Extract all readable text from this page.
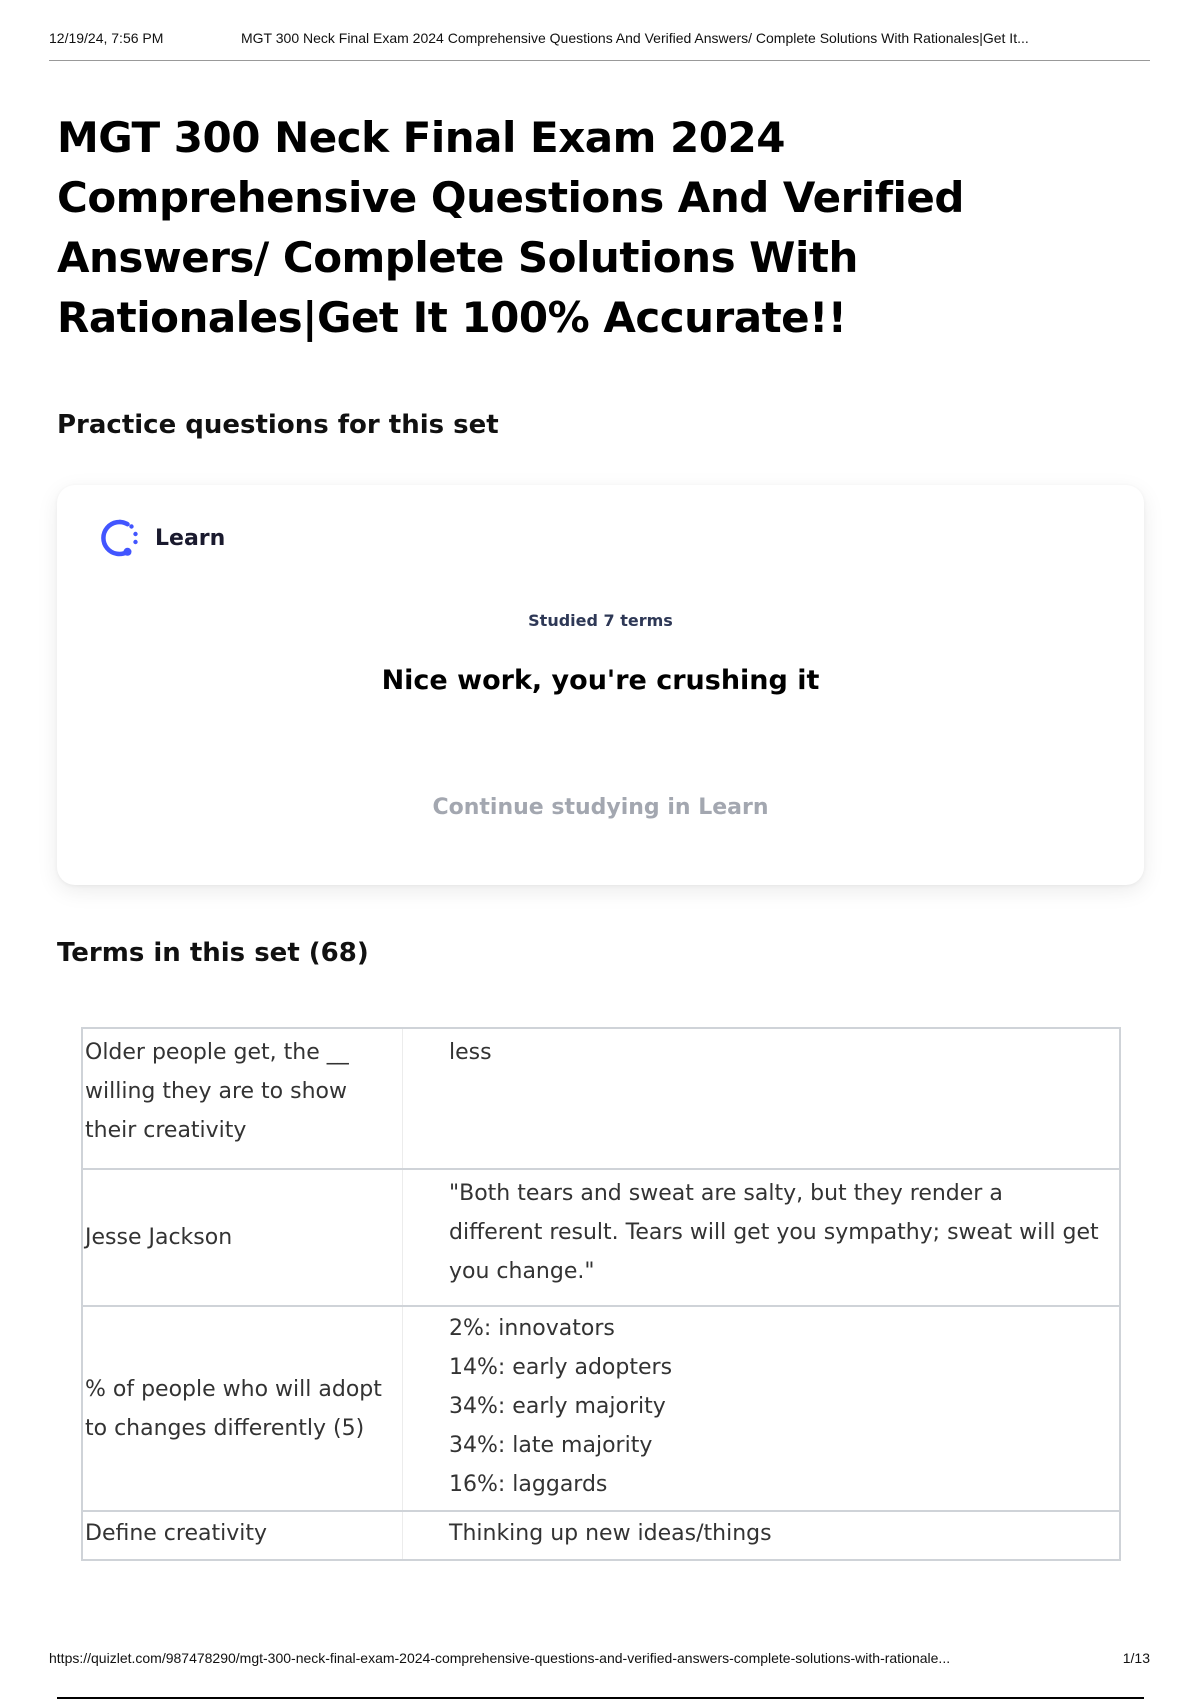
12/19/24, 7:56 PM	MGT 300 Neck Final Exam 2024 Comprehensive Questions And Verified Answers/ Complete Solutions With Rationales|Get It...
MGT 300 Neck Final Exam 2024 Comprehensive Questions And Verified Answers/ Complete Solutions With Rationales|Get It 100% Accurate!!
Practice questions for this set
Learn
Studied 7 terms
Nice work, you're crushing it
Continue studying in Learn
Terms in this set (68)
Older people get, the __ willing they are to show their creativity	less

Jesse Jackson	"Both tears and sweat are salty, but they render a different result. Tears will get you sympathy; sweat will get you change."

% of people who will adopt to changes differently (5)	2%: innovators
14%: early adopters
34%: early majority
34%: late majority
16%: laggards

Define creativity	Thinking up new ideas/things
https://quizlet.com/987478290/mgt-300-neck-final-exam-2024-comprehensive-questions-and-verified-answers-complete-solutions-with-rationale...	1/13
